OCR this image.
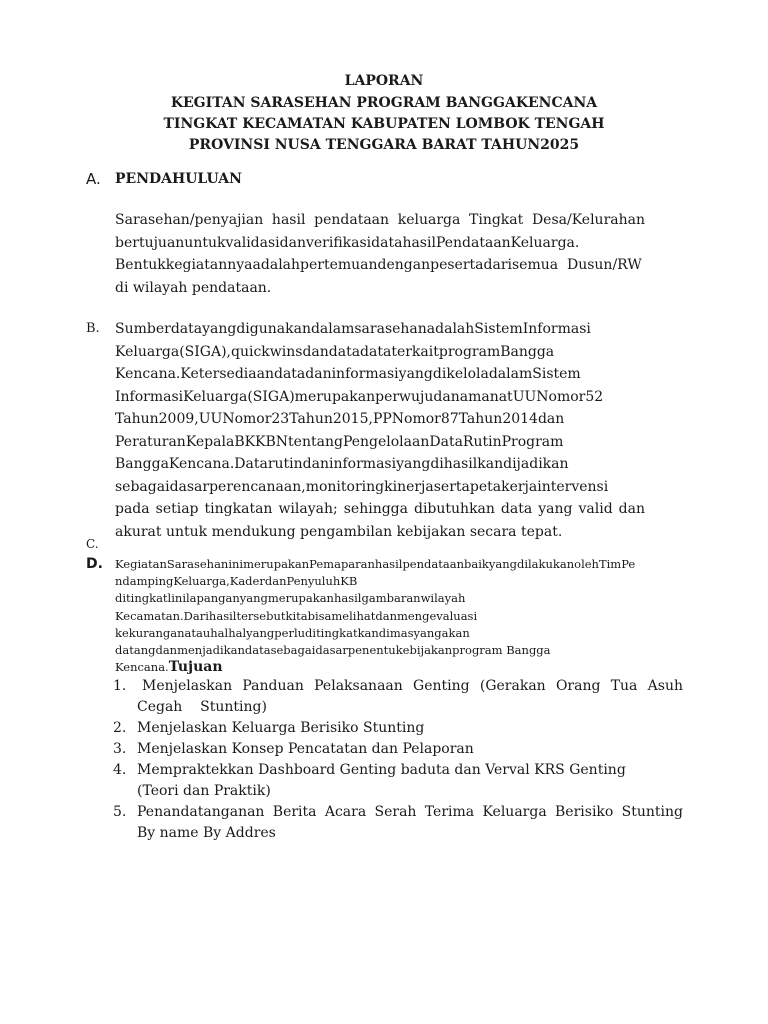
LAPORAN
KEGITAN SARASEHAN PROGRAM BANGGAKENCANA
TINGKAT KECAMATAN KABUPATEN LOMBOK TENGAH
PROVINSI NUSA TENGGARA BARAT TAHUN2025
A. PENDAHULUAN
Sarasehan/penyajian hasil pendataan keluarga Tingkat Desa/Kelurahan
bertujuanuntukvalidasidanverifikasidatahasilPendataanKeluarga.
Bentukkegiatannyaadalahpertemuandenganpesertadarisemua  Dusun/RW
di wilayah pendataan.
B. SumberdatayangdigunakandalamsarasehanadalahSistemInformasi
Keluarga(SIGA),quickwinsdandatadataterkaitprogramBangga
Kencana.KetersediaandatadaninformasiyangdikeloladalamSistem
InformasiKeluarga(SIGA)merupakanperwujudanamanatUUNomor52
Tahun2009,UUNomor23Tahun2015,PPNomor87Tahun2014dan
PeraturanKepalaBKKBNtentangPengelolaanDataRutinProgram
BanggaKencana.Datarutindaninformasiyangdihasilkandijadikan
sebagaidasarperencanaan,monitoringkinerjasertapetakerjaintervensi
pada setiap tingkatan wilayah; sehingga dibutuhkan data yang valid dan
akurat untuk mendukung pengambilan kebijakan secara tepat.
C.
D. KegiatanSarasehaninimerupakanPemaparanhasilpendataanbaikyangdilakukanolehTimPe
ndampingKeluarga,KaderdanPenyuluhKB
ditingkatlinilapanganyangmerupakanhasilgambaranwilayah
Kecamatan.Darihasiltersebutkitabisamelihatdanmengevaluasi
kekuranganatauhalhalyangperluditingkatkandimasyangakan
datangdanmenjadikandatasebagaidasarpenentukebijakanprogram Bangga
Kencana.Tujuan
1. Menjelaskan Panduan Pelaksanaan Genting (Gerakan Orang Tua Asuh
Cegah    Stunting)
2. Menjelaskan Keluarga Berisiko Stunting
3. Menjelaskan Konsep Pencatatan dan Pelaporan
4. Mempraktekkan Dashboard Genting baduta dan Verval KRS Genting
(Teori dan Praktik)
5. Penandatanganan Berita Acara Serah Terima Keluarga Berisiko Stunting
By name By Addres
